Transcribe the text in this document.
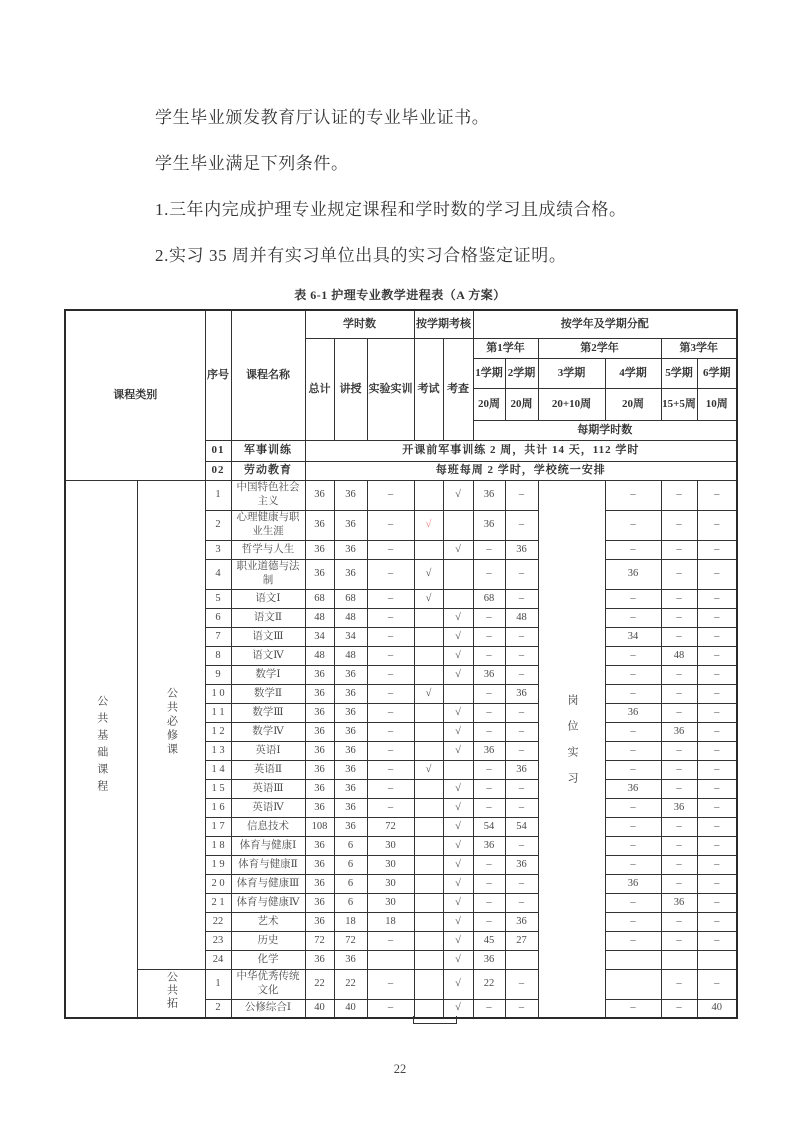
学生毕业颁发教育厅认证的专业毕业证书。
学生毕业满足下列条件。
1.三年内完成护理专业规定课程和学时数的学习且成绩合格。
2.实习 35 周并有实习单位出具的实习合格鉴定证明。
表 6-1 护理专业教学进程表（A 方案）
课程类别		序号	课程名称	学时数			按学期考核		按学年及学期分配					
				总计	讲授	实验实训	考试	考查	第1学年		第2学年		第3学年	
									1学期	2学期	3学期	4学期	5学期	6学期
									20周	20周	20+10周	20周	15+5周	10周
									每期学时数					
		01	军事训练	开课前军事训练 2 周，共计 14 天，112 学时										
		02	劳动教育	每班每周 2 学时，学校统一安排										
公共基础课程	公共必修课	1	中国特色社会主义	36	36	–		√	36	–	岗位实习	–	–	–
		2	心理健康与职业生涯	36	36	–	√		36	–		–	–	–
		3	哲学与人生	36	36	–		√	–	36		–	–	–
		4	职业道德与法制	36	36	–	√		–	–		36	–	–
		5	语文Ⅰ	68	68	–	√		68	–		–	–	–
		6	语文Ⅱ	48	48	–		√	–	48		–	–	–
		7	语文Ⅲ	34	34	–		√	–	–		34	–	–
		8	语文Ⅳ	48	48	–		√	–	–		–	48	–
		9	数学Ⅰ	36	36	–		√	36	–		–	–	–
		1 0	数学Ⅱ	36	36	–	√		–	36		–	–	–
		1 1	数学Ⅲ	36	36	–		√	–	–		36	–	–
		1 2	数学Ⅳ	36	36	–		√	–	–		–	36	–
		1 3	英语Ⅰ	36	36	–		√	36	–		–	–	–
		1 4	英语Ⅱ	36	36	–	√		–	36		–	–	–
		1 5	英语Ⅲ	36	36	–		√	–	–		36	–	–
		1 6	英语Ⅳ	36	36	–		√	–	–		–	36	–
		1 7	信息技术	108	36	72		√	54	54		–	–	–
		1 8	体育与健康Ⅰ	36	6	30		√	36	–		–	–	–
		1 9	体育与健康Ⅱ	36	6	30		√	–	36		–	–	–
		2 0	体育与健康Ⅲ	36	6	30		√	–	–		36	–	–
		2 1	体育与健康Ⅳ	36	6	30		√	–	–		–	36	–
		22	艺术	36	18	18		√	–	36		–	–	–
		23	历史	72	72	–		√	45	27		–	–	–
		24	化学	36	36			√	36					
	公共拓	1	中华优秀传统文化	22	22	–		√	22	–			–	–
		2	公修综合Ⅰ	40	40	–		√	–	–		–	–	40
22
